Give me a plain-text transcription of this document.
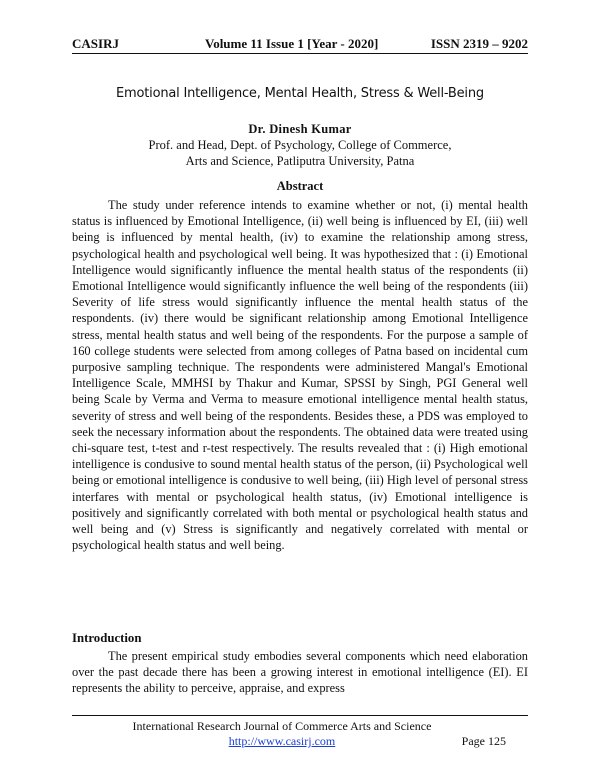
CASIRJ	Volume 11 Issue 1 [Year - 2020]	ISSN 2319 – 9202
Emotional Intelligence, Mental Health, Stress & Well-Being
Dr. Dinesh Kumar
Prof. and Head, Dept. of Psychology, College of Commerce,
Arts and Science, Patliputra University, Patna
Abstract

The study under reference intends to examine whether or not, (i) mental health status is influenced by Emotional Intelligence, (ii) well being is influenced by EI, (iii) well being is influenced by mental health, (iv) to examine the relationship among stress, psychological health and psychological well being. It was hypothesized that : (i) Emotional Intelligence would significantly influence the mental health status of the respondents (ii) Emotional Intelligence would significantly influence the well being of the respondents (iii) Severity of life stress would significantly influence the mental health status of the respondents. (iv) there would be significant relationship among Emotional Intelligence stress, mental health status and well being of the respondents. For the purpose a sample of 160 college students were selected from among colleges of Patna based on incidental cum purposive sampling technique. The respondents were administered Mangal's Emotional Intelligence Scale, MMHSI by Thakur and Kumar, SPSSI by Singh, PGI General well being Scale by Verma and Verma to measure emotional intelligence mental health status, severity of stress and well being of the respondents. Besides these, a PDS was employed to seek the necessary information about the respondents. The obtained data were treated using chi-square test, t-test and r-test respectively. The results revealed that : (i) High emotional intelligence is condusive to sound mental health status of the person, (ii) Psychological well being or emotional intelligence is condusive to well being, (iii) High level of personal stress interfares with mental or psychological health status, (iv) Emotional intelligence is positively and significantly correlated with both mental or psychological health status and well being and (v) Stress is significantly and negatively correlated with mental or psychological health status and well being.

Introduction

The present empirical study embodies several components which need elaboration over the past decade there has been a growing interest in emotional intelligence (EI). EI represents the ability to perceive, appraise, and express

International Research Journal of Commerce Arts and Science
http://www.casirj.com	Page 125
